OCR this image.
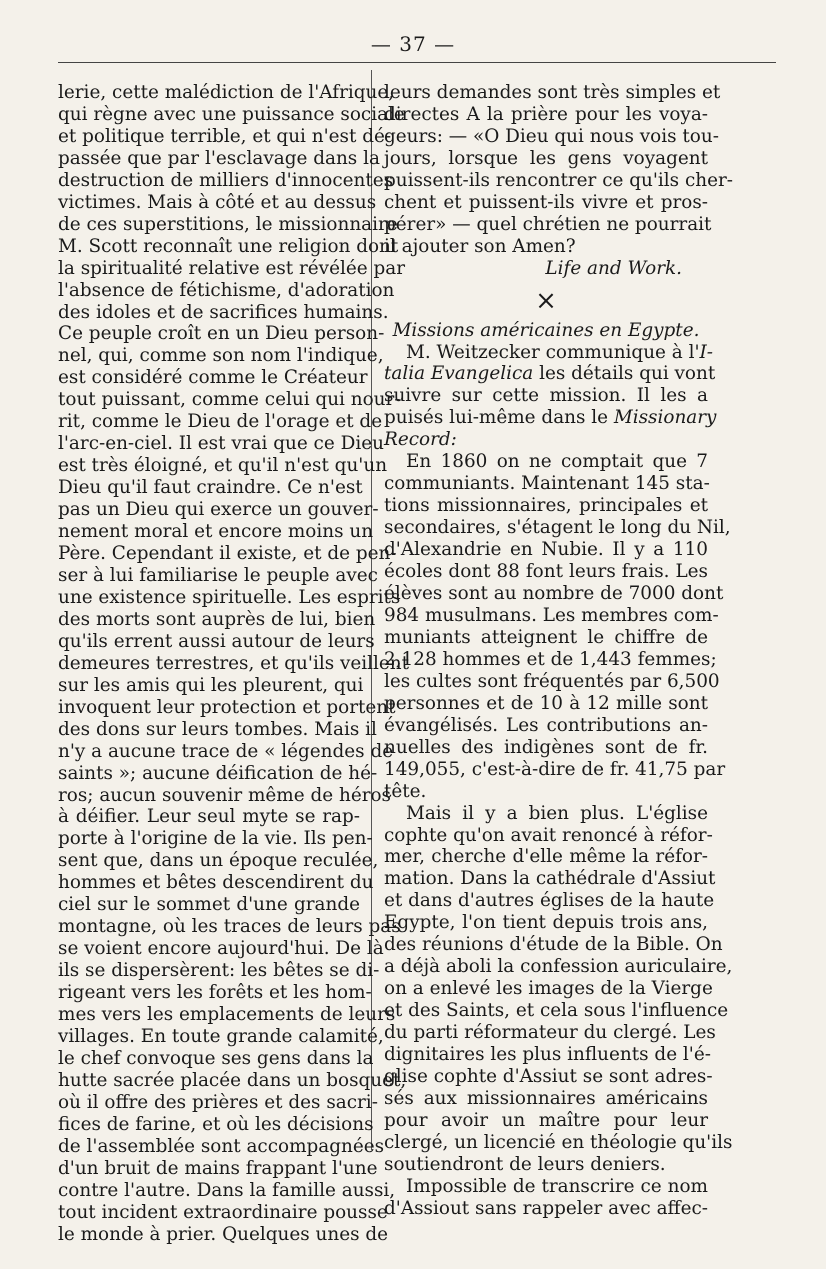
— 37 —
lerie, cette malédiction de l'Afrique,
qui règne avec une puissance sociale
et politique terrible, et qui n'est dé-
passée que par l'esclavage dans la
destruction de milliers d'innocentes
victimes. Mais à côté et au dessus
de ces superstitions, le missionnaire
M. Scott reconnaît une religion dont
la spiritualité relative est révélée par
l'absence de fétichisme, d'adoration
des idoles et de sacrifices humains.
Ce peuple croît en un Dieu person-
nel, qui, comme son nom l'indique,
est considéré comme le Créateur
tout puissant, comme celui qui nour-
rit, comme le Dieu de l'orage et de
l'arc-en-ciel. Il est vrai que ce Dieu
est très éloigné, et qu'il n'est qu'un
Dieu qu'il faut craindre. Ce n'est
pas un Dieu qui exerce un gouver-
nement moral et encore moins un
Père. Cependant il existe, et de pen-
ser à lui familiarise le peuple avec
une existence spirituelle. Les esprits
des morts sont auprès de lui, bien
qu'ils errent aussi autour de leurs
demeures terrestres, et qu'ils veillent
sur les amis qui les pleurent, qui
invoquent leur protection et portent
des dons sur leurs tombes. Mais il
n'y a aucune trace de « légendes de
saints »; aucune déification de hé-
ros; aucun souvenir même de héros
à déifier. Leur seul myte se rap-
porte à l'origine de la vie. Ils pen-
sent que, dans un époque reculée,
hommes et bêtes descendirent du
ciel sur le sommet d'une grande
montagne, où les traces de leurs pas
se voient encore aujourd'hui. De là
ils se dispersèrent: les bêtes se di-
rigeant vers les forêts et les hom-
mes vers les emplacements de leurs
villages. En toute grande calamité,
le chef convoque ses gens dans la
hutte sacrée placée dans un bosquet,
où il offre des prières et des sacri-
fices de farine, et où les décisions
de l'assemblée sont accompagnées
d'un bruit de mains frappant l'une
contre l'autre. Dans la famille aussi,
tout incident extraordinaire pousse
le monde à prier. Quelques unes de
leurs demandes sont très simples et
directes A la prière pour les voya-
geurs: — «O Dieu qui nous vois tou-
jours, lorsque les gens voyagent
puissent-ils rencontrer ce qu'ils cher-
chent et puissent-ils vivre et pros-
pérer» — quel chrétien ne pourrait
il ajouter son Amen?
Life and Work.
×
Missions américaines en Egypte.
M. Weitzecker communique à l'I-
talia Evangelica les détails qui vont
suivre sur cette mission. Il les a
puisés lui-même dans le Missionary
Record:
En 1860 on ne comptait que 7
communiants. Maintenant 145 sta-
tions missionnaires, principales et
secondaires, s'étagent le long du Nil,
d'Alexandrie en Nubie. Il y a 110
écoles dont 88 font leurs frais. Les
élèves sont au nombre de 7000 dont
984 musulmans. Les membres com-
muniants atteignent le chiffre de
2,128 hommes et de 1,443 femmes;
les cultes sont fréquentés par 6,500
personnes et de 10 à 12 mille sont
évangélisés. Les contributions an-
nuelles des indigènes sont de fr.
149,055, c'est-à-dire de fr. 41,75 par
tête.
Mais il y a bien plus. L'église
cophte qu'on avait renoncé à réfor-
mer, cherche d'elle même la réfor-
mation. Dans la cathédrale d'Assiut
et dans d'autres églises de la haute
Egypte, l'on tient depuis trois ans,
des réunions d'étude de la Bible. On
a déjà aboli la confession auriculaire,
on a enlevé les images de la Vierge
et des Saints, et cela sous l'influence
du parti réformateur du clergé. Les
dignitaires les plus influents de l'é-
glise cophte d'Assiut se sont adres-
sés aux missionnaires américains
pour avoir un maître pour leur
clergé, un licencié en théologie qu'ils
soutiendront de leurs deniers.
Impossible de transcrire ce nom
d'Assiout sans rappeler avec affec-
